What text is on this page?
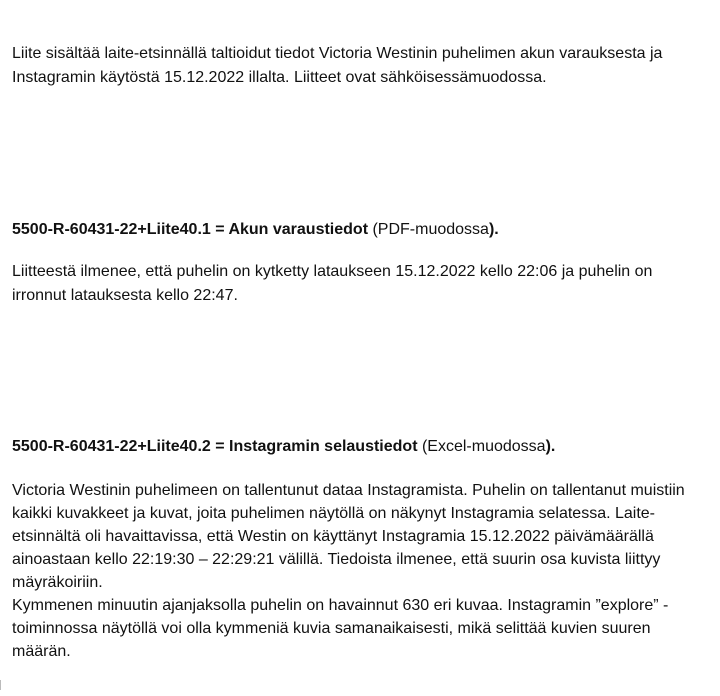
Liite sisältää laite-etsinnällä taltioidut tiedot Victoria Westinin puhelimen akun varauksesta ja Instagramin käytöstä 15.12.2022 illalta. Liitteet ovat sähköisessämuodossa.

5500-R-60431-22+Liite40.1 = Akun varaustiedot (PDF-muodossa).

Liitteestä ilmenee, että puhelin on kytketty lataukseen 15.12.2022 kello 22:06 ja puhelin on irronnut latauksesta kello 22:47.

5500-R-60431-22+Liite40.2 = Instagramin selaustiedot (Excel-muodossa).

Victoria Westinin puhelimeen on tallentunut dataa Instagramista. Puhelin on tallentanut muistiin kaikki kuvakkeet ja kuvat, joita puhelimen näytöllä on näkynyt Instagramia selatessa. Laite-etsinnältä oli havaittavissa, että Westin on käyttänyt Instagramia 15.12.2022 päivämäärällä ainoastaan kello 22:19:30 – 22:29:21 välillä. Tiedoista ilmenee, että suurin osa kuvista liittyy mäyräkoiriin.

Kymmenen minuutin ajanjaksolla puhelin on havainnut 630 eri kuvaa. Instagramin ”explore” -toiminnossa näytöllä voi olla kymmeniä kuvia samanaikaisesti, mikä selittää kuvien suuren määrän.
